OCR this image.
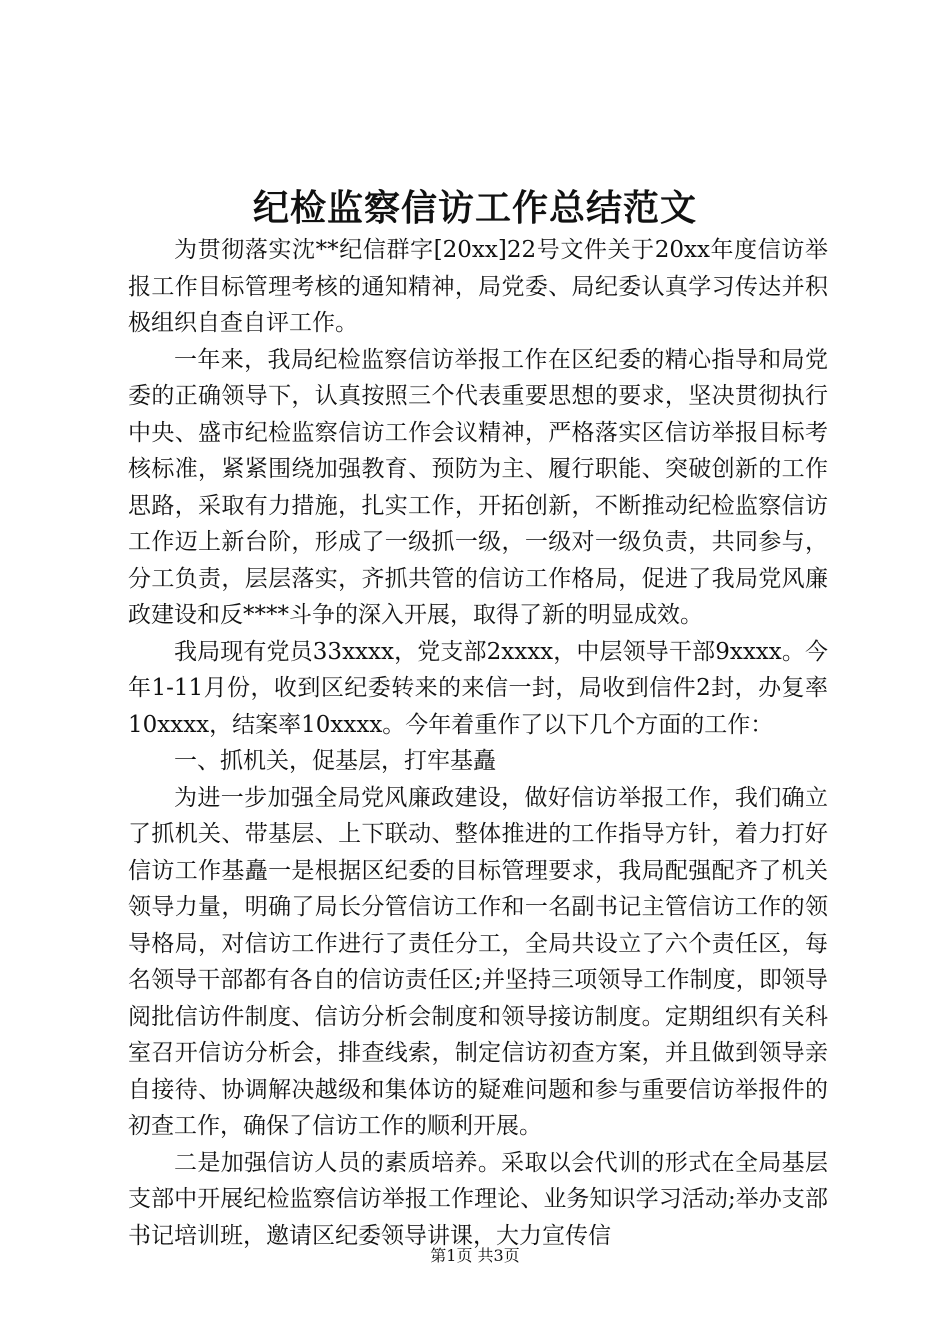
纪检监察信访工作总结范文

为贯彻落实沈**纪信群字[20xx]22号文件关于20xx年度信访举报工作目标管理考核的通知精神，局党委、局纪委认真学习传达并积极组织自查自评工作。

一年来，我局纪检监察信访举报工作在区纪委的精心指导和局党委的正确领导下，认真按照三个代表重要思想的要求，坚决贯彻执行中央、盛市纪检监察信访工作会议精神，严格落实区信访举报目标考核标准，紧紧围绕加强教育、预防为主、履行职能、突破创新的工作思路，采取有力措施，扎实工作，开拓创新，不断推动纪检监察信访工作迈上新台阶，形成了一级抓一级，一级对一级负责，共同参与，分工负责，层层落实，齐抓共管的信访工作格局，促进了我局党风廉政建设和反****斗争的深入开展，取得了新的明显成效。

我局现有党员33xxxx，党支部2xxxx，中层领导干部9xxxx。今年1-11月份，收到区纪委转来的来信一封，局收到信件2封，办复率10xxxx，结案率10xxxx。今年着重作了以下几个方面的工作：

一、抓机关，促基层，打牢基矗

为进一步加强全局党风廉政建设，做好信访举报工作，我们确立了抓机关、带基层、上下联动、整体推进的工作指导方针，着力打好信访工作基矗一是根据区纪委的目标管理要求，我局配强配齐了机关领导力量，明确了局长分管信访工作和一名副书记主管信访工作的领导格局，对信访工作进行了责任分工，全局共设立了六个责任区，每名领导干部都有各自的信访责任区;并坚持三项领导工作制度，即领导阅批信访件制度、信访分析会制度和领导接访制度。定期组织有关科室召开信访分析会，排查线索，制定信访初查方案，并且做到领导亲自接待、协调解决越级和集体访的疑难问题和参与重要信访举报件的初查工作，确保了信访工作的顺利开展。

二是加强信访人员的素质培养。采取以会代训的形式在全局基层支部中开展纪检监察信访举报工作理论、业务知识学习活动;举办支部书记培训班，邀请区纪委领导讲课，大力宣传信

第1页 共3页
